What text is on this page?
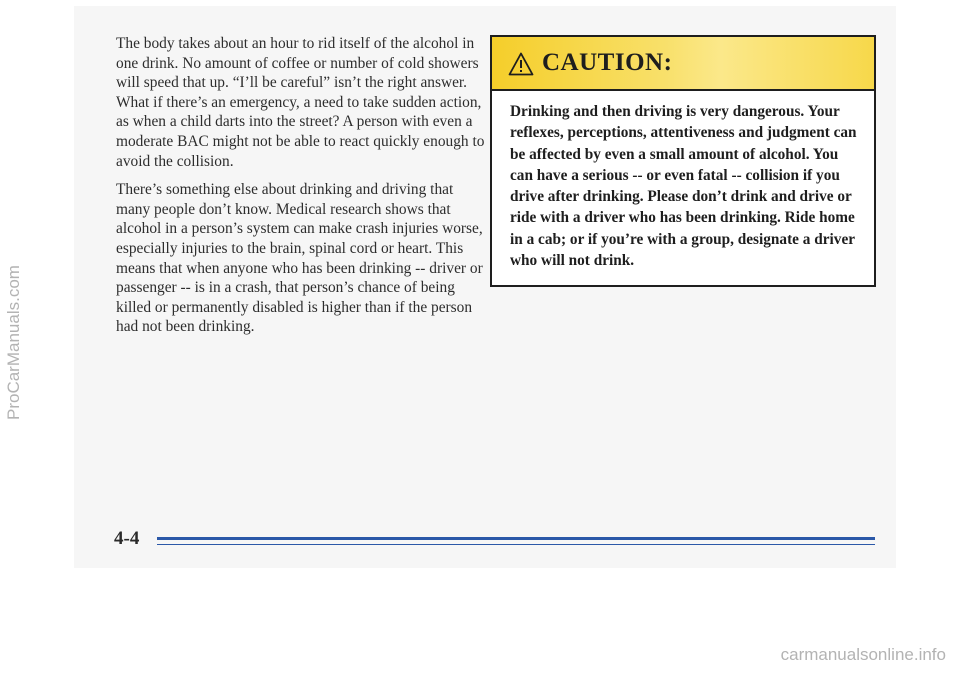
The body takes about an hour to rid itself of the alcohol in one drink. No amount of coffee or number of cold showers will speed that up. “I’ll be careful” isn’t the right answer. What if there’s an emergency, a need to take sudden action, as when a child darts into the street? A person with even a moderate BAC might not be able to react quickly enough to avoid the collision.

There’s something else about drinking and driving that many people don’t know. Medical research shows that alcohol in a person’s system can make crash injuries worse, especially injuries to the brain, spinal cord or heart. This means that when anyone who has been drinking -- driver or passenger -- is in a crash, that person’s chance of being killed or permanently disabled is higher than if the person had not been drinking.

CAUTION:
Drinking and then driving is very dangerous. Your reflexes, perceptions, attentiveness and judgment can be affected by even a small amount of alcohol. You can have a serious -- or even fatal -- collision if you drive after drinking. Please don’t drink and drive or ride with a driver who has been drinking. Ride home in a cab; or if you’re with a group, designate a driver who will not drink.
4-4
ProCarManuals.com
carmanualsonline.info
